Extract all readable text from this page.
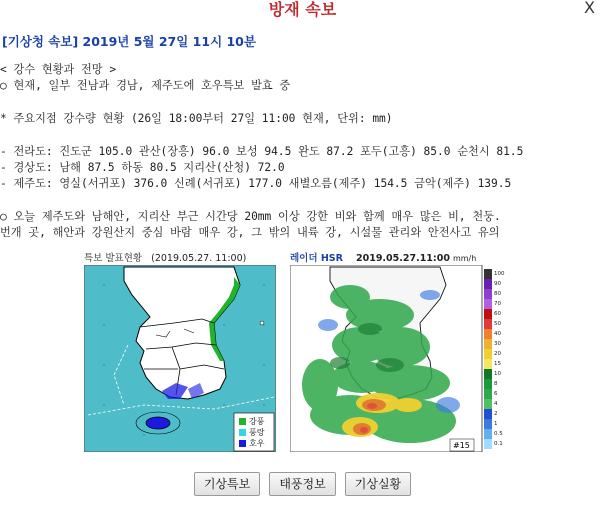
방재 속보	X
[기상청 속보] 2019년 5월 27일 11시 10분
< 강수 현황과 전망 >
○ 현재, 일부 전남과 경남, 제주도에 호우특보 발효 중
* 주요지점 강수량 현황 (26일 18:00부터 27일 11:00 현재, 단위: mm)
- 전라도: 진도군 105.0 관산(장흥) 96.0 보성 94.5 완도 87.2 포두(고흥) 85.0 순천시 81.5
- 경상도: 남해 87.5 하동 80.5 지리산(산청) 72.0
- 제주도: 영실(서귀포) 376.0 신례(서귀포) 177.0 새별오름(제주) 154.5 금악(제주) 139.5
○ 오늘 제주도와 남해안, 지리산 부근 시간당 20mm 이상 강한 비와 함께 매우 많은 비, 천둥.
번개 곳, 해안과 강원산지 중심 바람 매우 강, 그 밖의 내륙 강, 시설물 관리와 안전사고 유의
특보 발표현황 (2019.05.27. 11:00)
강풍
풍랑
호우
레이더 HSR 2019.05.27.11:00 mm/h
#15
100
90
80
70
60
50
40
30
20
15
10
8
6
4
2
1
0.5
0.1
기상특보 태풍정보 기상실황
